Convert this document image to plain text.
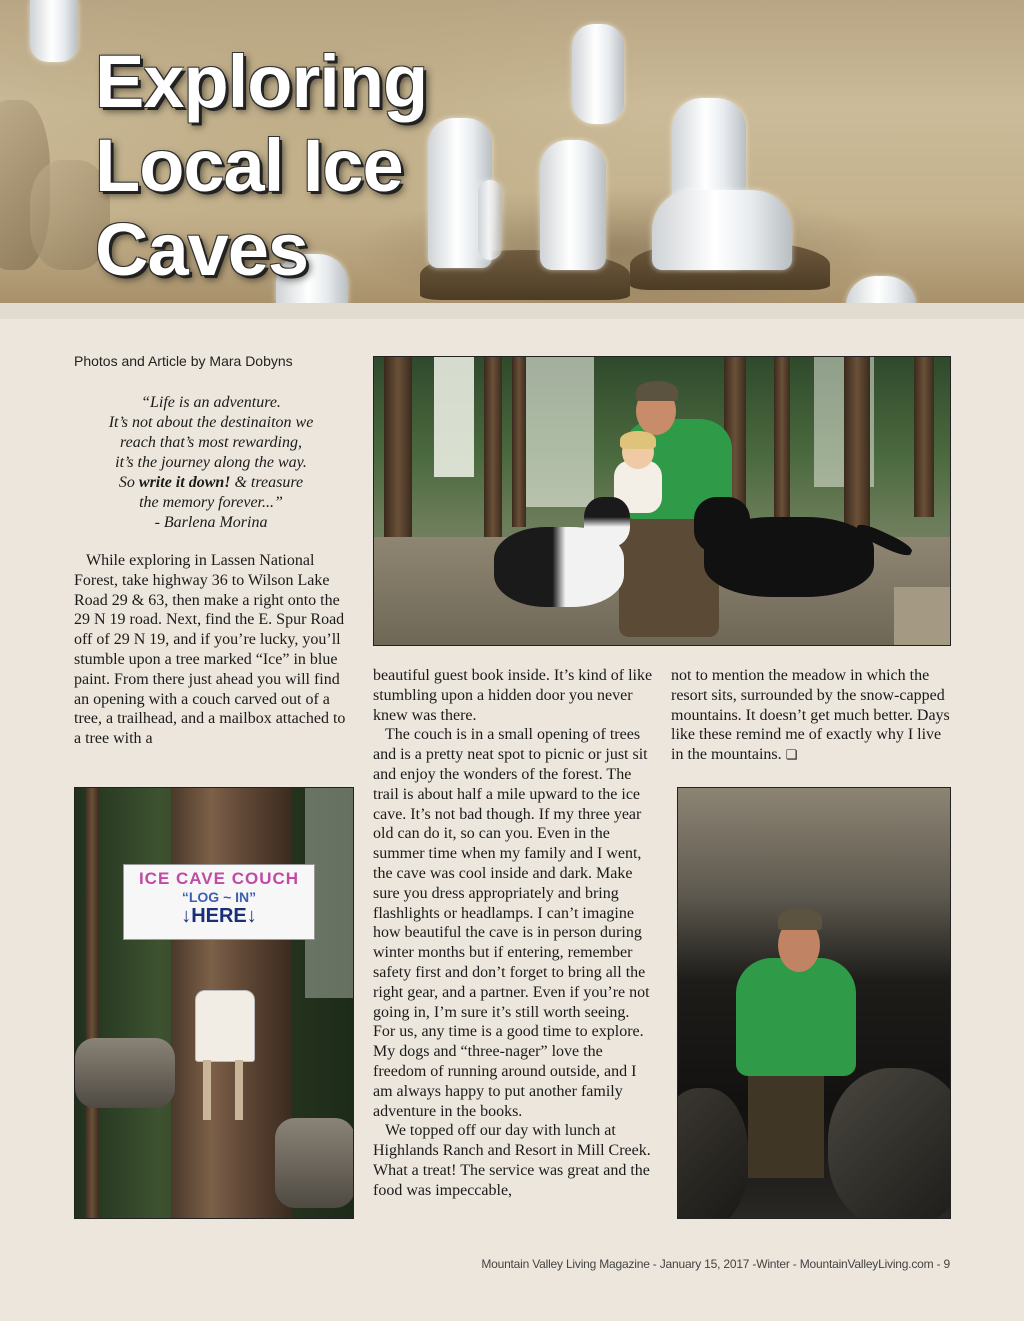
Exploring
Local Ice
Caves
Photos and Article by Mara Dobyns
“Life is an adventure.
It’s not about the destinaiton we
reach that’s most rewarding,
it’s the journey along the way.
So write it down! & treasure
the memory forever...”
- Barlena Morina

While exploring in Lassen National Forest, take highway 36 to Wilson Lake Road 29 & 63, then make a right onto the 29 N 19 road. Next, find the E. Spur Road off of 29 N 19, and if you’re lucky, you’ll stumble upon a tree marked “Ice” in blue paint. From there just ahead you will find an opening with a couch carved out of a tree, a trailhead, and a mailbox attached to a tree with a

beautiful guest book inside. It’s kind of like stumbling upon a hidden door you never knew was there.

The couch is in a small opening of trees and is a pretty neat spot to picnic or just sit and enjoy the wonders of the forest. The trail is about half a mile upward to the ice cave. It’s not bad though. If my three year old can do it, so can you. Even in the summer time when my family and I went, the cave was cool inside and dark. Make sure you dress appropriately and bring flashlights or headlamps. I can’t imagine how beautiful the cave is in person during winter months but if entering, remember safety first and don’t forget to bring all the right gear, and a partner. Even if you’re not going in, I’m sure it’s still worth seeing. For us, any time is a good time to explore. My dogs and “three-nager” love the freedom of running around outside, and I am always happy to put another family adventure in the books.

We topped off our day with lunch at Highlands Ranch and Resort in Mill Creek. What a treat! The service was great and the food was impeccable,

not to mention the meadow in which the resort sits, surrounded by the snow-capped mountains. It doesn’t get much better. Days like these remind me of exactly why I live in the mountains. ❏

ICE CAVE COUCH
“LOG ~ IN”
↓HERE↓
Mountain Valley Living Magazine - January 15, 2017 -Winter - MountainValleyLiving.com - 9
